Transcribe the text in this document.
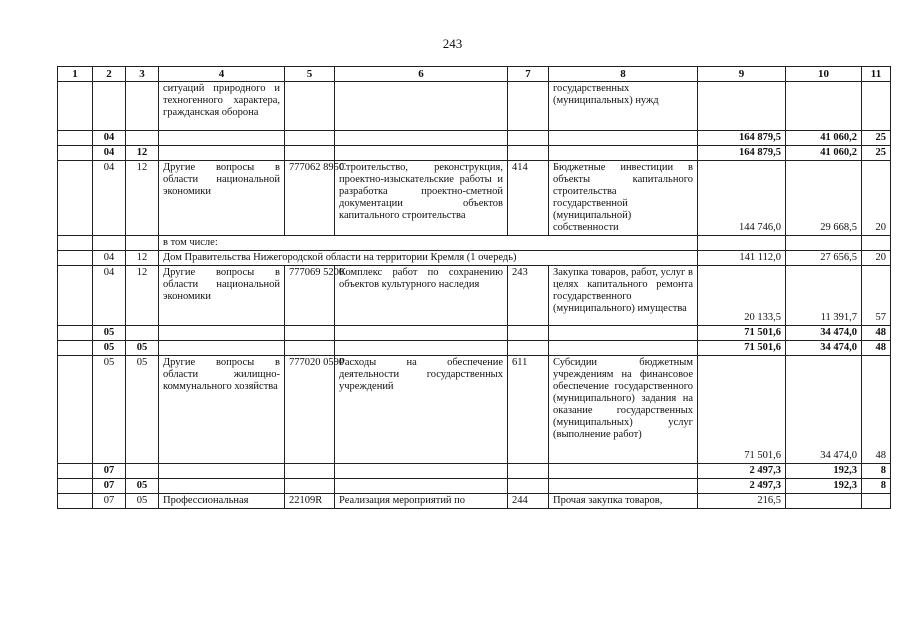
243
1	2	3	4	5	6	7	8	9	10	11
			ситуаций природного и техногенного характера, гражданская оборона				государственных (муниципальных) нужд			
	04							164 879,5	41 060,2	25
	04	12						164 879,5	41 060,2	25
	04	12	Другие вопросы в области национальной экономики	777062 8950	Строительство, реконструкция, проектно-изыскательские работы и разработка проектно-сметной документации объектов капитального строительства	414	Бюджетные инвестиции в объекты капитального строительства государственной (муниципальной) собственности	144 746,0	29 668,5	20
			в том числе:							
	04	12	Дом Правительства Нижегородской области на территории Кремля (1 очередь)					141 112,0	27 656,5	20
	04	12	Другие вопросы в области национальной экономики	777069 5200	Комплекс работ по сохранению объектов культурного наследия	243	Закупка товаров, работ, услуг в целях капитального ремонта государственного (муниципального) имущества	20 133,5	11 391,7	57
	05							71 501,6	34 474,0	48
	05	05						71 501,6	34 474,0	48
	05	05	Другие вопросы в области жилищно-коммунального хозяйства	777020 0590	Расходы на обеспечение деятельности государственных учреждений	611	Субсидии бюджетным учреждениям на финансовое обеспечение государственного (муниципального) задания на оказание государственных (муниципальных) услуг (выполнение работ)	71 501,6	34 474,0	48
	07							2 497,3	192,3	8
	07	05						2 497,3	192,3	8
	07	05	Профессиональная	22109R	Реализация мероприятий по	244	Прочая закупка товаров,	216,5		
